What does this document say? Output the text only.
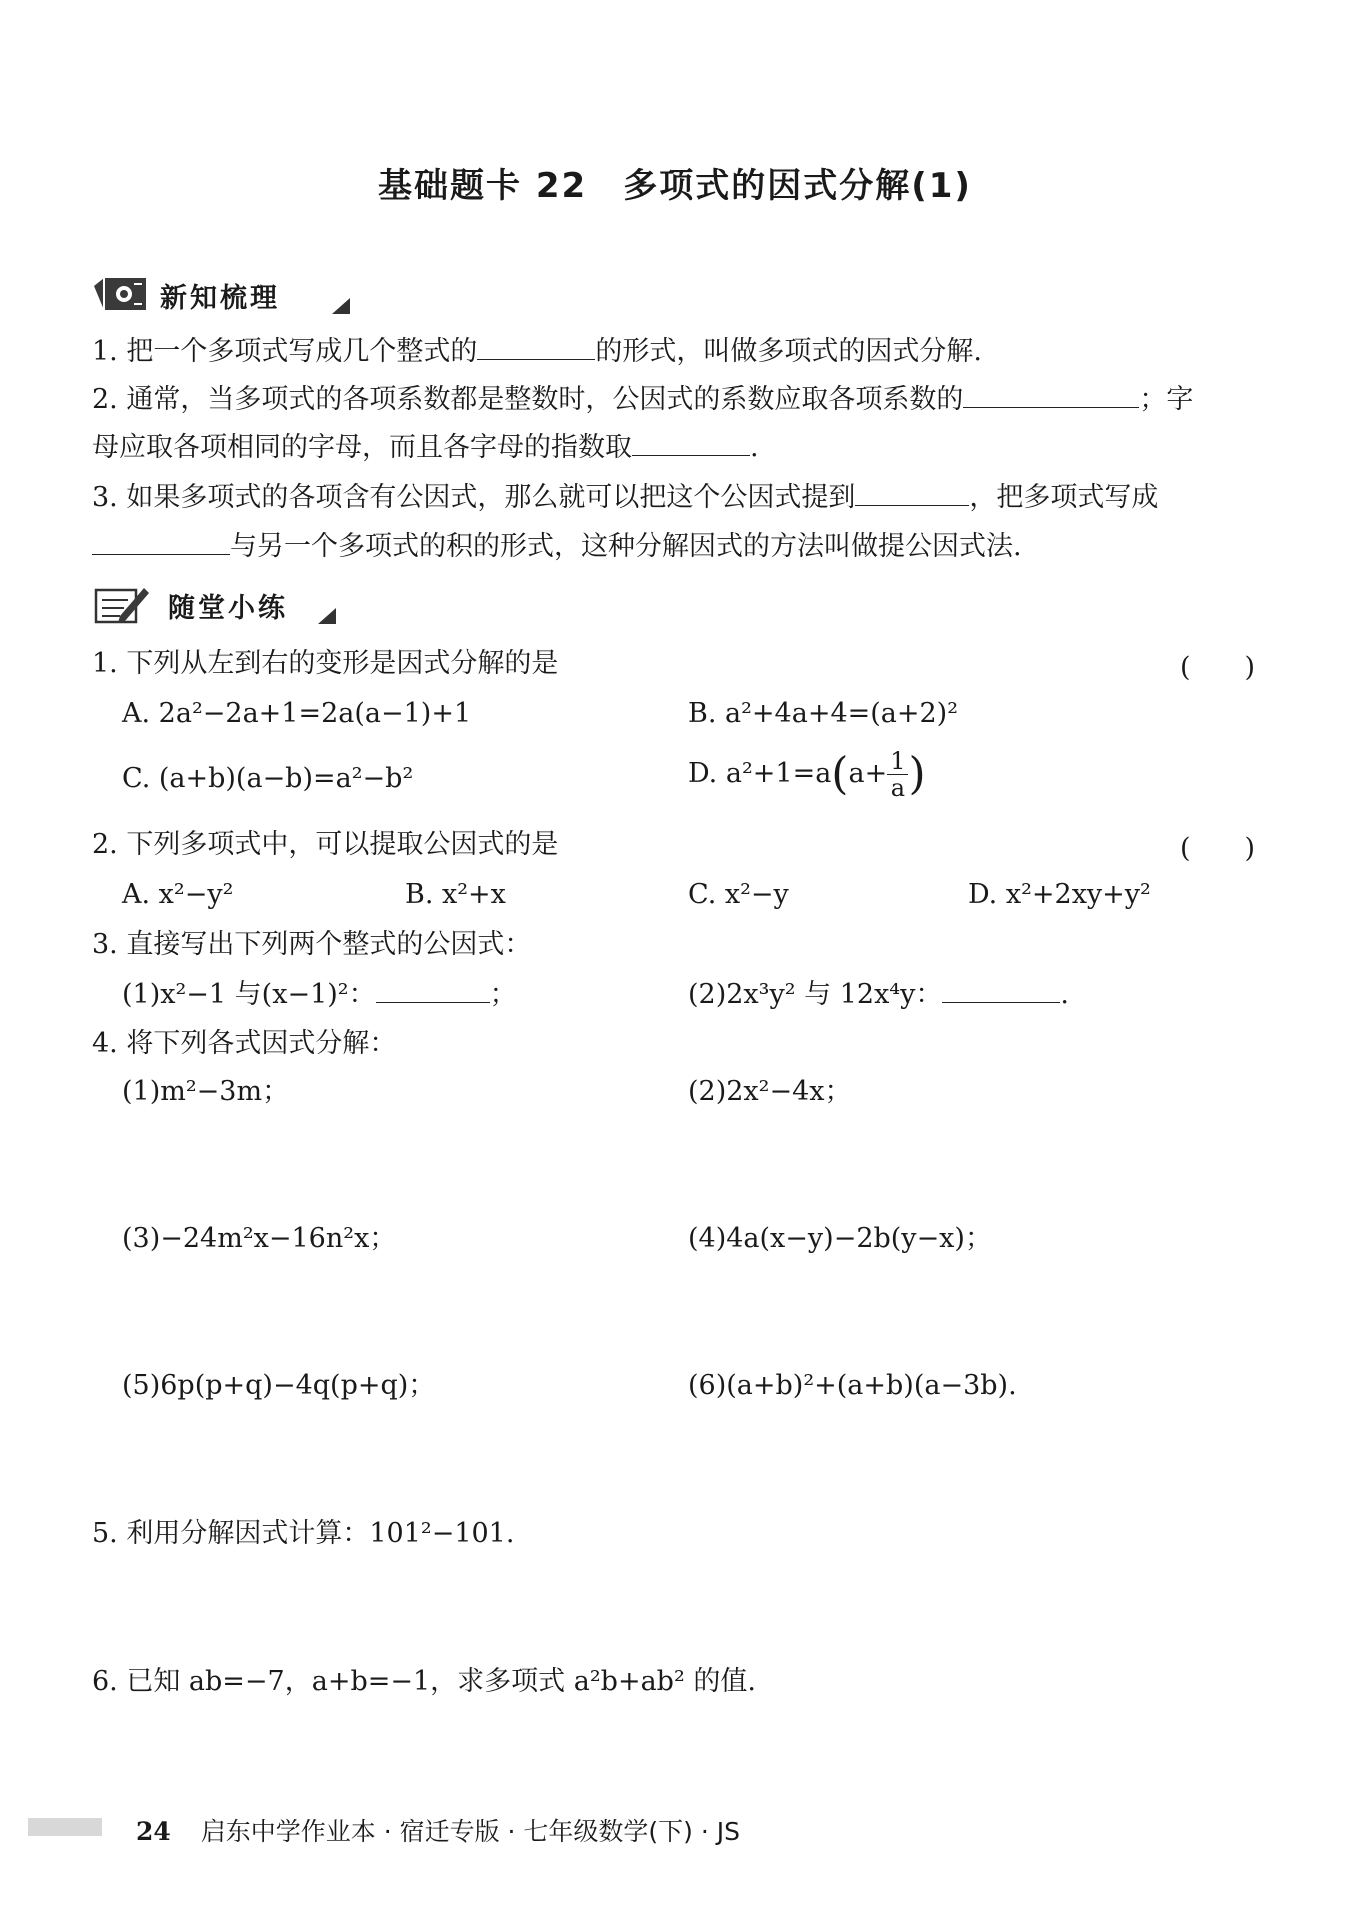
基础题卡 22　多项式的因式分解(1)
新知梳理
1. 把一个多项式写成几个整式的	的形式，叫做多项式的因式分解.
2. 通常，当多项式的各项系数都是整数时，公因式的系数应取各项系数的	；字
母应取各项相同的字母，而且各字母的指数取	.
3. 如果多项式的各项含有公因式，那么就可以把这个公因式提到	，把多项式写成
与另一个多项式的积的形式，这种分解因式的方法叫做提公因式法.
随堂小练
1. 下列从左到右的变形是因式分解的是	(　　)
A. 2a²−2a+1=2a(a−1)+1	B. a²+4a+4=(a+2)²
C. (a+b)(a−b)=a²−b²	D. $a^2+1=a(a+ \frac{1}{a}$ )
2. 下列多项式中，可以提取公因式的是	(　　)
A. x²−y²	B. x²+x	C. x²−y	D. x²+2xy+y²
3. 直接写出下列两个整式的公因式：
(1)x²−1 与(x−1)²：	；	(2)2x³y² 与 12x⁴y：	.
4. 将下列各式因式分解：
(1)m²−3m；	(2)2x²−4x；
(3)−24m²x−16n²x；	(4)4a(x−y)−2b(y−x)；
(5)6p(p+q)−4q(p+q)；	(6)(a+b)²+(a+b)(a−3b).
5. 利用分解因式计算：101²−101.
6. 已知 ab=−7，a+b=−1，求多项式 a²b+ab² 的值.
24 启东中学作业本 · 宿迁专版 · 七年级数学(下) · JS
